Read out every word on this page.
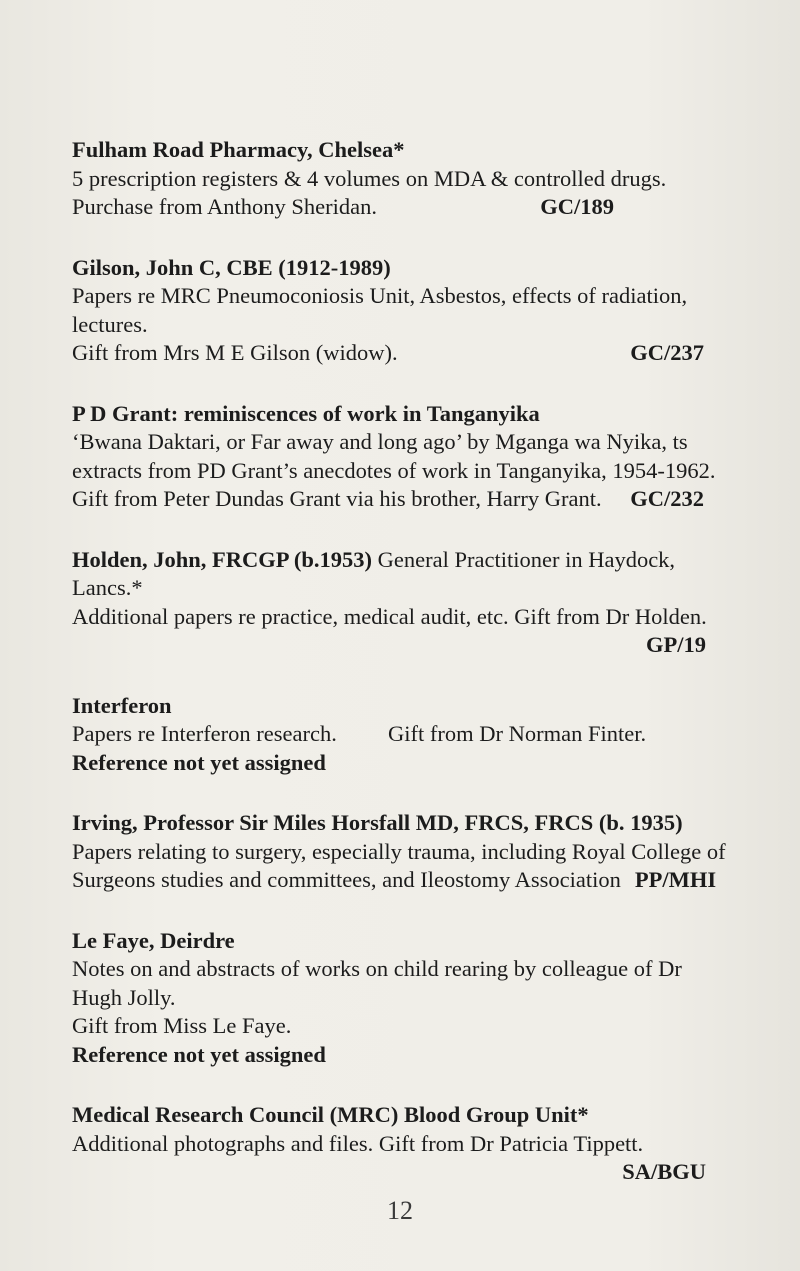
Fulham Road Pharmacy, Chelsea*
5 prescription registers & 4 volumes on MDA & controlled drugs.
Purchase from Anthony Sheridan.	GC/189
Gilson, John C, CBE (1912-1989)
Papers re MRC Pneumoconiosis Unit, Asbestos, effects of radiation,
lectures.
Gift from Mrs M E Gilson (widow).	GC/237
P D Grant: reminiscences of work in Tanganyika
‘Bwana Daktari, or Far away and long ago’ by Mganga wa Nyika, ts
extracts from PD Grant’s anecdotes of work in Tanganyika, 1954-1962.
Gift from Peter Dundas Grant via his brother, Harry Grant. GC/232
Holden, John, FRCGP (b.1953) General Practitioner in Haydock,
Lancs.*
Additional papers re practice, medical audit, etc. Gift from Dr Holden.
GP/19
Interferon
Papers re Interferon research. Gift from Dr Norman Finter.
Reference not yet assigned
Irving, Professor Sir Miles Horsfall MD, FRCS, FRCS (b. 1935)
Papers relating to surgery, especially trauma, including Royal College of
Surgeons studies and committees, and Ileostomy Association PP/MHI
Le Faye, Deirdre
Notes on and abstracts of works on child rearing by colleague of Dr
Hugh Jolly.
Gift from Miss Le Faye.
Reference not yet assigned
Medical Research Council (MRC) Blood Group Unit*
Additional photographs and files. Gift from Dr Patricia Tippett.
SA/BGU
12
